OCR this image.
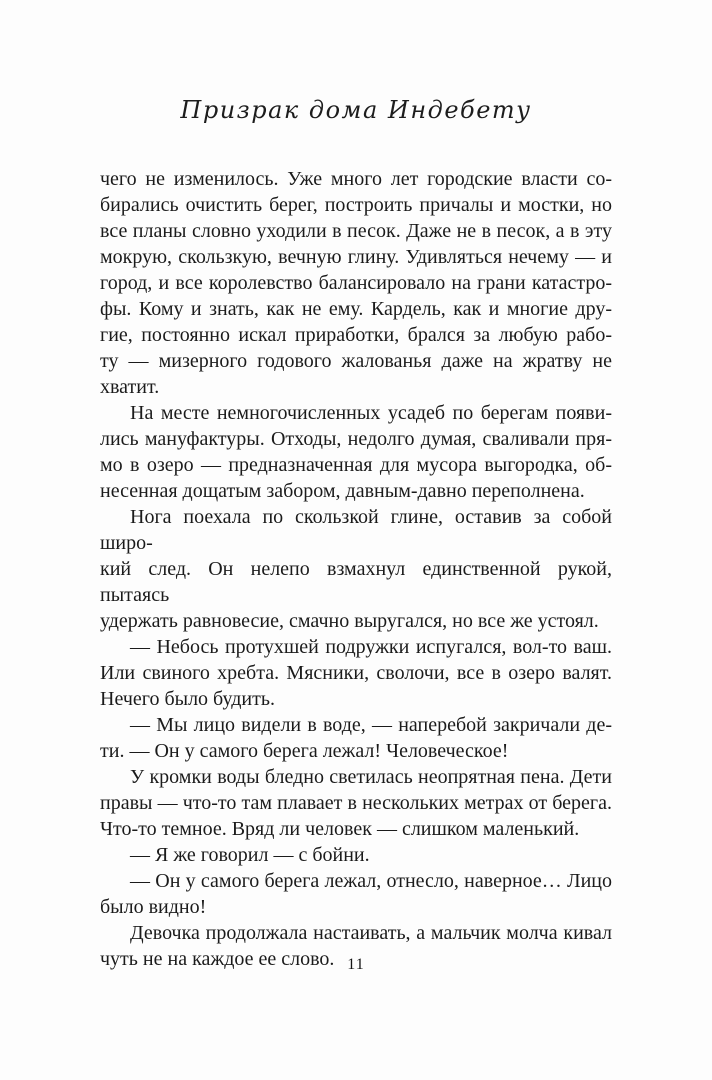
Призрак дома Индебету
чего не изменилось. Уже много лет городские власти со-
бирались очистить берег, построить причалы и мостки, но
все планы словно уходили в песок. Даже не в песок, а в эту
мокрую, скользкую, вечную глину. Удивляться нечему — и
город, и все королевство балансировало на грани катастро-
фы. Кому и знать, как не ему. Кардель, как и многие дру-
гие, постоянно искал приработки, брался за любую рабо-
ту — мизерного годового жалованья даже на жратву не
хватит.
На месте немногочисленных усадеб по берегам появи-
лись мануфактуры. Отходы, недолго думая, сваливали пря-
мо в озеро — предназначенная для мусора выгородка, об-
несенная дощатым забором, давным-давно переполнена.
Нога поехала по скользкой глине, оставив за собой широ-
кий след. Он нелепо взмахнул единственной рукой, пытаясь
удержать равновесие, смачно выругался, но все же устоял.
— Небось протухшей подружки испугался, вол-то ваш.
Или свиного хребта. Мясники, сволочи, все в озеро валят.
Нечего было будить.
— Мы лицо видели в воде, — наперебой закричали де-
ти. — Он у самого берега лежал! Человеческое!
У кромки воды бледно светилась неопрятная пена. Дети
правы — что-то там плавает в нескольких метрах от берега.
Что-то темное. Вряд ли человек — слишком маленький.
— Я же говорил — с бойни.
— Он у самого берега лежал, отнесло, наверное… Лицо
было видно!
Девочка продолжала настаивать, а мальчик молча кивал
чуть не на каждое ее слово. 11
